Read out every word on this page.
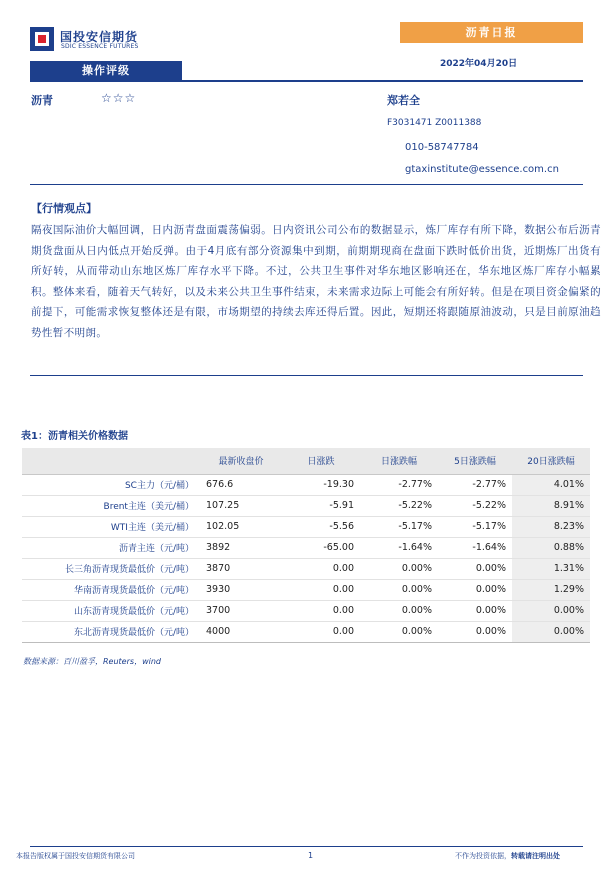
国投安信期货
SDIC ESSENCE FUTURES
沥青日报
2022年04月20日
操作评级
沥青	☆☆☆	郑若全
F3031471 Z0011388
010-58747784
gtaxinstitute@essence.com.cn
【行情观点】
隔夜国际油价大幅回调，日内沥青盘面震荡偏弱。日内资讯公司公布的数据显示，炼厂库存有所下降，数据公布后沥青期货盘面从日内低点开始反弹。由于4月底有部分资源集中到期，前期期现商在盘面下跌时低价出货，近期炼厂出货有所好转，从而带动山东地区炼厂库存水平下降。不过，公共卫生事件对华东地区影响还在，华东地区炼厂库存小幅累积。整体来看，随着天气转好，以及未来公共卫生事件结束，未来需求边际上可能会有所好转。但是在项目资金偏紧的前提下，可能需求恢复整体还是有限，市场期望的持续去库还得后置。因此，短期还将跟随原油波动，只是目前原油趋势性暂不明朗。
表1：沥青相关价格数据
	最新收盘价	日涨跌	日涨跌幅	5日涨跌幅	20日涨跌幅
SC主力（元/桶）	676.6	-19.30	-2.77%	-2.77%	4.01%
Brent主连（美元/桶）	107.25	-5.91	-5.22%	-5.22%	8.91%
WTI主连（美元/桶）	102.05	-5.56	-5.17%	-5.17%	8.23%
沥青主连（元/吨）	3892	-65.00	-1.64%	-1.64%	0.88%
长三角沥青现货最低价（元/吨）	3870	0.00	0.00%	0.00%	1.31%
华南沥青现货最低价（元/吨）	3930	0.00	0.00%	0.00%	1.29%
山东沥青现货最低价（元/吨）	3700	0.00	0.00%	0.00%	0.00%
东北沥青现货最低价（元/吨）	4000	0.00	0.00%	0.00%	0.00%
数据来源：百川盈孚，Reuters，wind
本报告版权属于国投安信期货有限公司	1	不作为投资依据，转载请注明出处
